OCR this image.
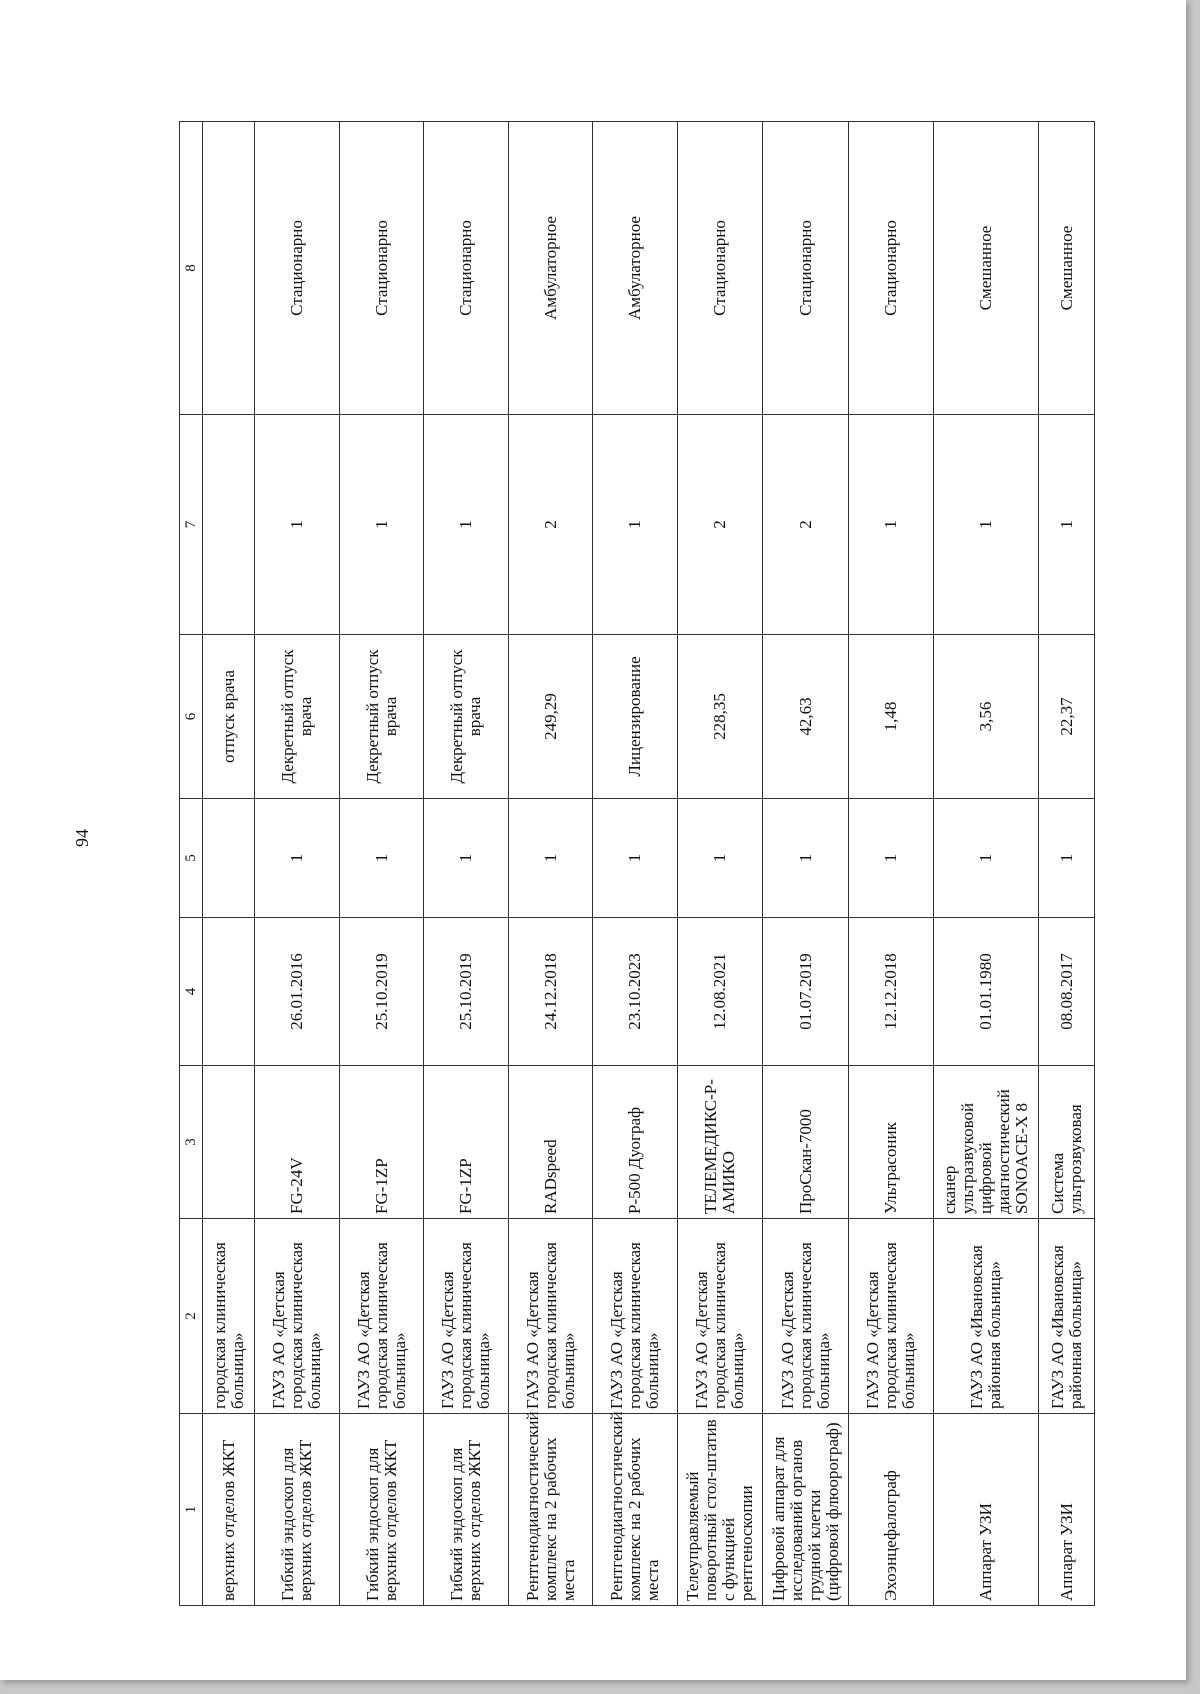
94
1	2	3	4	5	6	7	8
верхних отделов ЖКТ	городская клиническая больница»				отпуск врача		
Гибкий эндоскоп для верхних отделов ЖКТ	ГАУЗ АО «Детская городская клиническая больница»	FG-24V	26.01.2016	1	Декретный отпуск врача	1	Стационарно
Гибкий эндоскоп для верхних отделов ЖКТ	ГАУЗ АО «Детская городская клиническая больница»	FG-1ZP	25.10.2019	1	Декретный отпуск врача	1	Стационарно
Гибкий эндоскоп для верхних отделов ЖКТ	ГАУЗ АО «Детская городская клиническая больница»	FG-1ZP	25.10.2019	1	Декретный отпуск врача	1	Стационарно
Рентгенодиагностический комплекс на 2 рабочих места	ГАУЗ АО «Детская городская клиническая больница»	RADspeed	24.12.2018	1	249,29	2	Амбулаторное
Рентгенодиагностический комплекс на 2 рабочих места	ГАУЗ АО «Детская городская клиническая больница»	Р-500 Дуограф	23.10.2023	1	Лицензирование	1	Амбулаторное
Телеуправляемый поворотный стол-штатив с функцией рентгеноскопии	ГАУЗ АО «Детская городская клиническая больница»	ТЕЛЕМЕДИКС-Р-АМИКО	12.08.2021	1	228,35	2	Стационарно
Цифровой аппарат для исследований органов грудной клетки (цифровой флюорограф)	ГАУЗ АО «Детская городская клиническая больница»	ПроСкан-7000	01.07.2019	1	42,63	2	Стационарно
Эхоэнцефалограф	ГАУЗ АО «Детская городская клиническая больница»	Ультрасоник	12.12.2018	1	1,48	1	Стационарно
Аппарат УЗИ	ГАУЗ АО «Ивановская районная больница»	сканер ультразвуковой цифровой диагностический SONOACE-X 8	01.01.1980	1	3,56	1	Смешанное
Аппарат УЗИ	ГАУЗ АО «Ивановская районная больница»	Система ультрозвуковая	08.08.2017	1	22,37	1	Смешанное
